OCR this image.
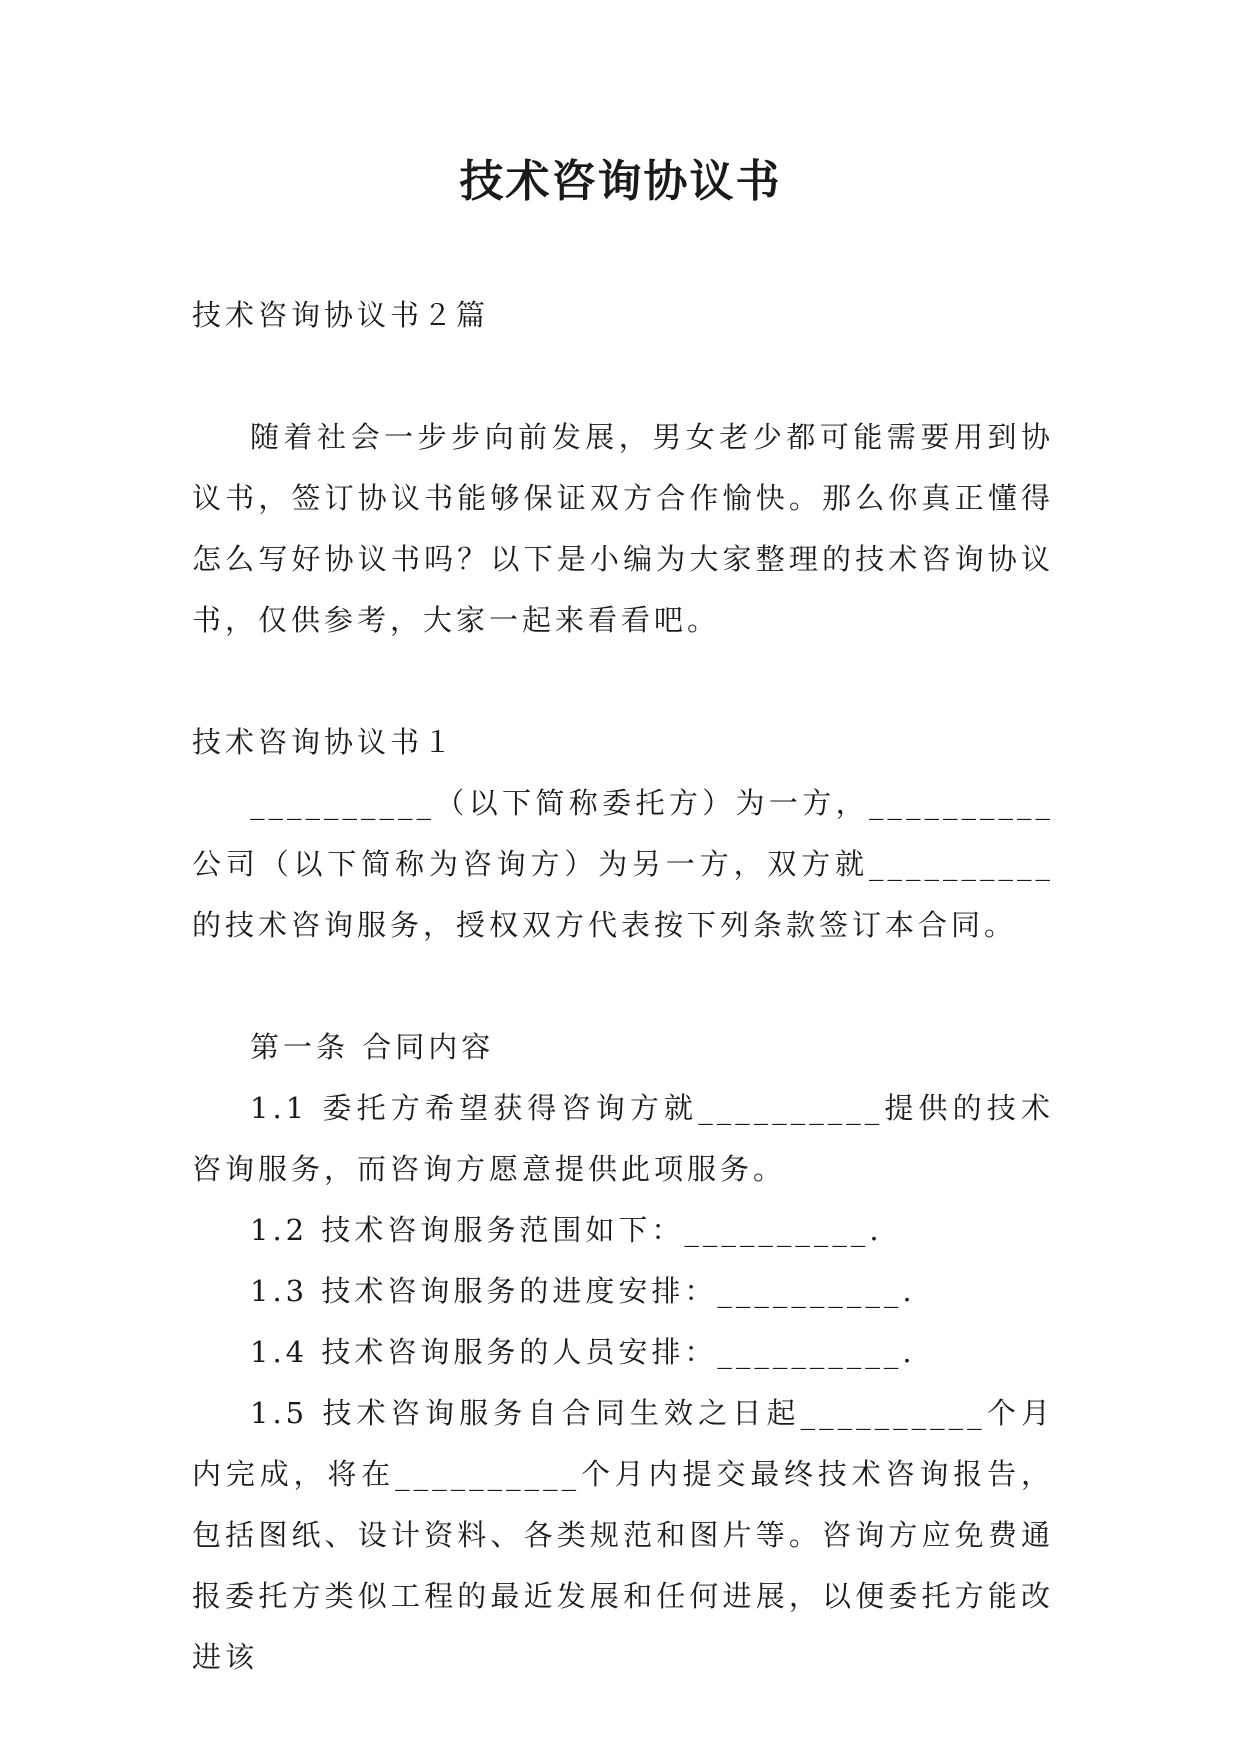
技术咨询协议书

技术咨询协议书２篇

随着社会一步步向前发展，男女老少都可能需要用到协议书，签订协议书能够保证双方合作愉快。那么你真正懂得怎么写好协议书吗？以下是小编为大家整理的技术咨询协议书，仅供参考，大家一起来看看吧。

技术咨询协议书１

__________（以下简称委托方）为一方，__________公司（以下简称为咨询方）为另一方，双方就__________的技术咨询服务，授权双方代表按下列条款签订本合同。

第一条 合同内容

1.1 委托方希望获得咨询方就__________提供的技术咨询服务，而咨询方愿意提供此项服务。

1.2 技术咨询服务范围如下：__________.

1.3 技术咨询服务的进度安排：__________.

1.4 技术咨询服务的人员安排：__________.

1.5 技术咨询服务自合同生效之日起__________个月内完成，将在__________个月内提交最终技术咨询报告，包括图纸、设计资料、各类规范和图片等。咨询方应免费通报委托方类似工程的最近发展和任何进展，以便委托方能改进该
